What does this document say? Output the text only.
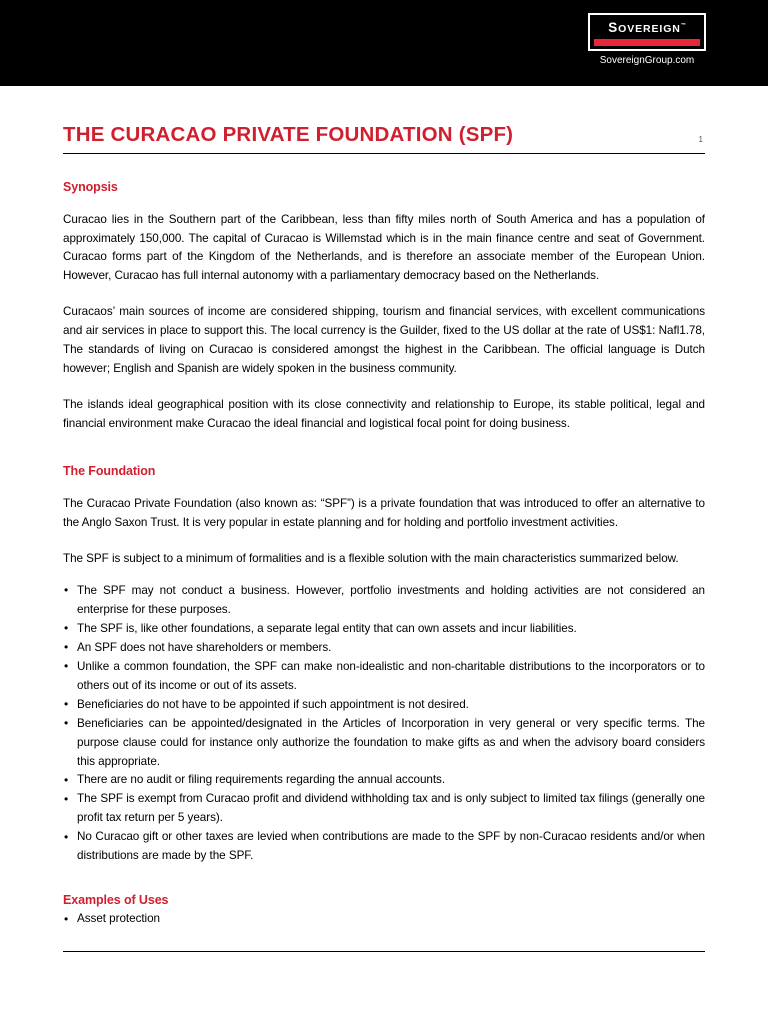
SOVEREIGN™
SovereignGroup.com
THE CURACAO PRIVATE FOUNDATION (SPF)	1
Synopsis

Curacao lies in the Southern part of the Caribbean, less than fifty miles north of South America and has a population of approximately 150,000. The capital of Curacao is Willemstad which is in the main finance centre and seat of Government. Curacao forms part of the Kingdom of the Netherlands, and is therefore an associate member of the European Union. However, Curacao has full internal autonomy with a parliamentary democracy based on the Netherlands.

Curacaos’ main sources of income are considered shipping, tourism and financial services, with excellent communications and air services in place to support this. The local currency is the Guilder, fixed to the US dollar at the rate of US$1: Nafl1.78, The standards of living on Curacao is considered amongst the highest in the Caribbean. The official language is Dutch however; English and Spanish are widely spoken in the business community.

The islands ideal geographical position with its close connectivity and relationship to Europe, its stable political, legal and financial environment make Curacao the ideal financial and logistical focal point for doing business.

The Foundation

The Curacao Private Foundation (also known as: “SPF”) is a private foundation that was introduced to offer an alternative to the Anglo Saxon Trust. It is very popular in estate planning and for holding and portfolio investment activities.

The SPF is subject to a minimum of formalities and is a flexible solution with the main characteristics summarized below.

• The SPF may not conduct a business. However, portfolio investments and holding activities are not considered an enterprise for these purposes.
• The SPF is, like other foundations, a separate legal entity that can own assets and incur liabilities.
• An SPF does not have shareholders or members.
• Unlike a common foundation, the SPF can make non-idealistic and non-charitable distributions to the incorporators or to others out of its income or out of its assets.
• Beneficiaries do not have to be appointed if such appointment is not desired.
• Beneficiaries can be appointed/designated in the Articles of Incorporation in very general or very specific terms. The purpose clause could for instance only authorize the foundation to make gifts as and when the advisory board considers this appropriate.
• There are no audit or filing requirements regarding the annual accounts.
• The SPF is exempt from Curacao profit and dividend withholding tax and is only subject to limited tax filings (generally one profit tax return per 5 years).
• No Curacao gift or other taxes are levied when contributions are made to the SPF by non-Curacao residents and/or when distributions are made by the SPF.
Examples of Uses
• Asset protection
